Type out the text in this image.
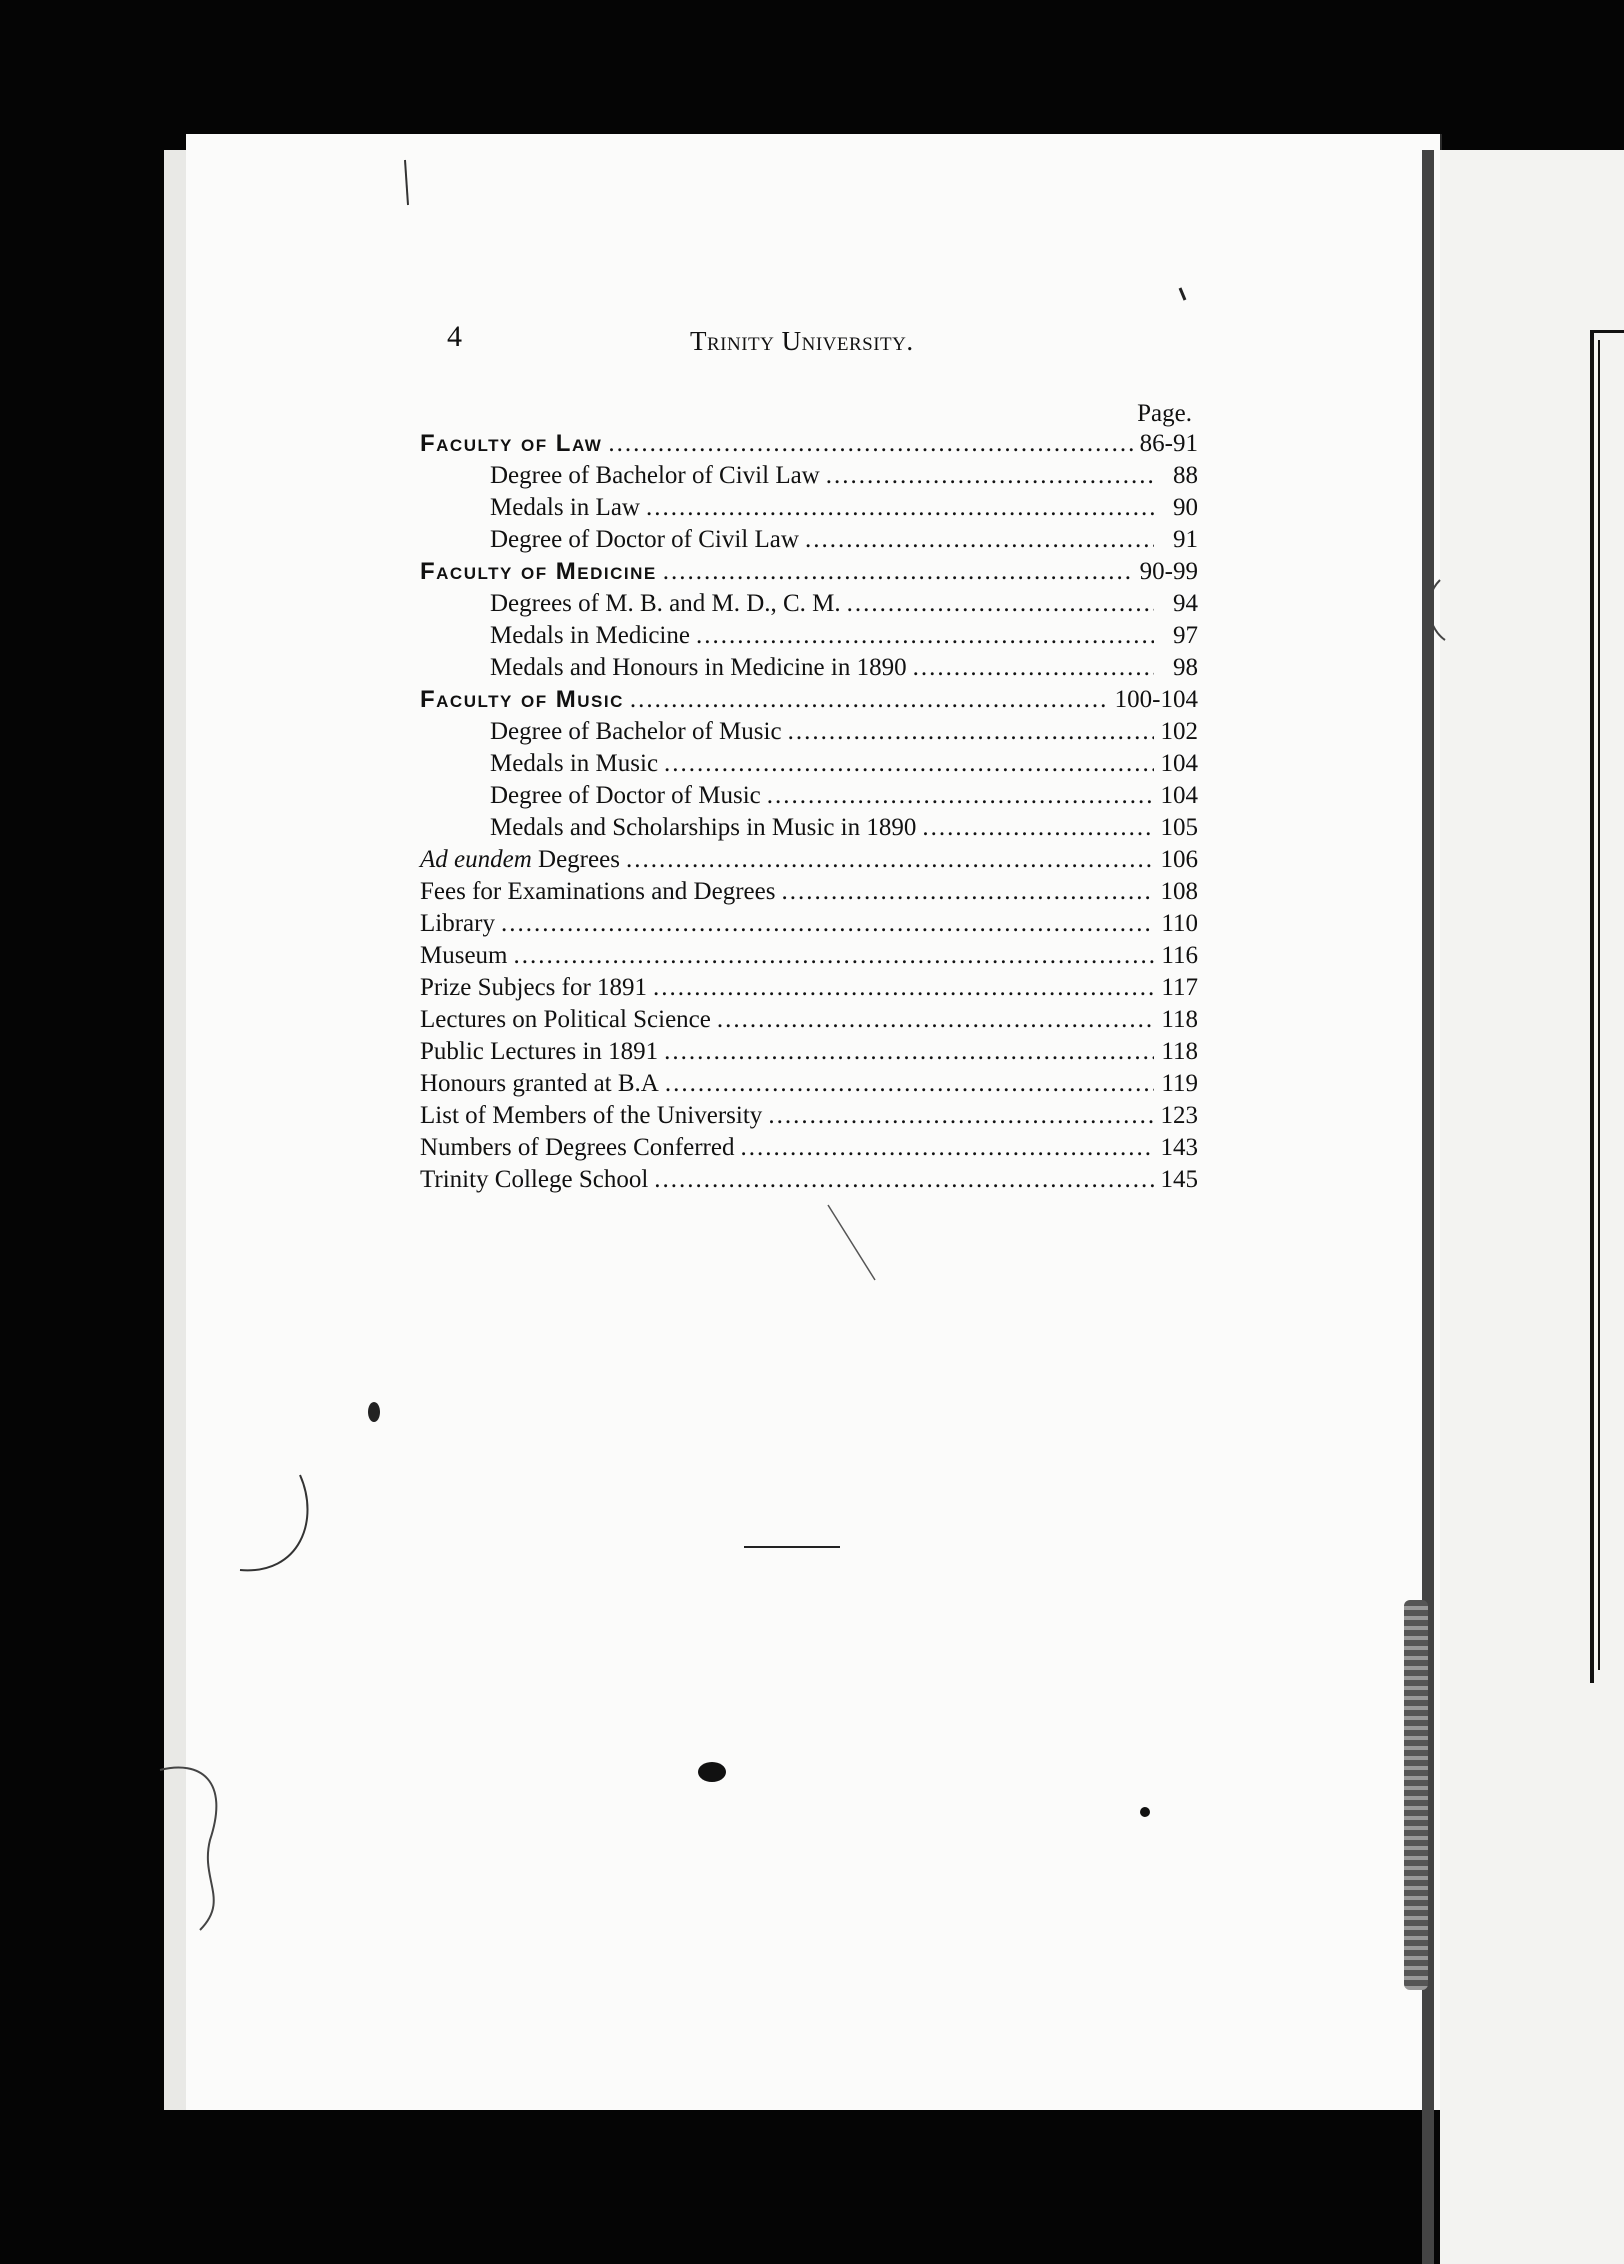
4	Trinity University.
Page.
Faculty of Law .....	86-91
Degree of Bachelor of Civil Law .....	88
Medals in Law .....	90
Degree of Doctor of Civil Law .....	91
Faculty of Medicine .....	90-99
Degrees of M. B. and M. D., C. M. .....	94
Medals in Medicine .....	97
Medals and Honours in Medicine in 1890 .....	98
Faculty of Music .....	100-104
Degree of Bachelor of Music .....	102
Medals in Music .....	104
Degree of Doctor of Music .....	104
Medals and Scholarships in Music in 1890 .....	105
Ad eundem Degrees .....	106
Fees for Examinations and Degrees .....	108
Library .....	110
Museum .....	116
Prize Subjecs for 1891 .....	117
Lectures on Political Science .....	118
Public Lectures in 1891 .....	118
Honours granted at B.A .....	119
List of Members of the University .....	123
Numbers of Degrees Conferred .....	143
Trinity College School .....	145
